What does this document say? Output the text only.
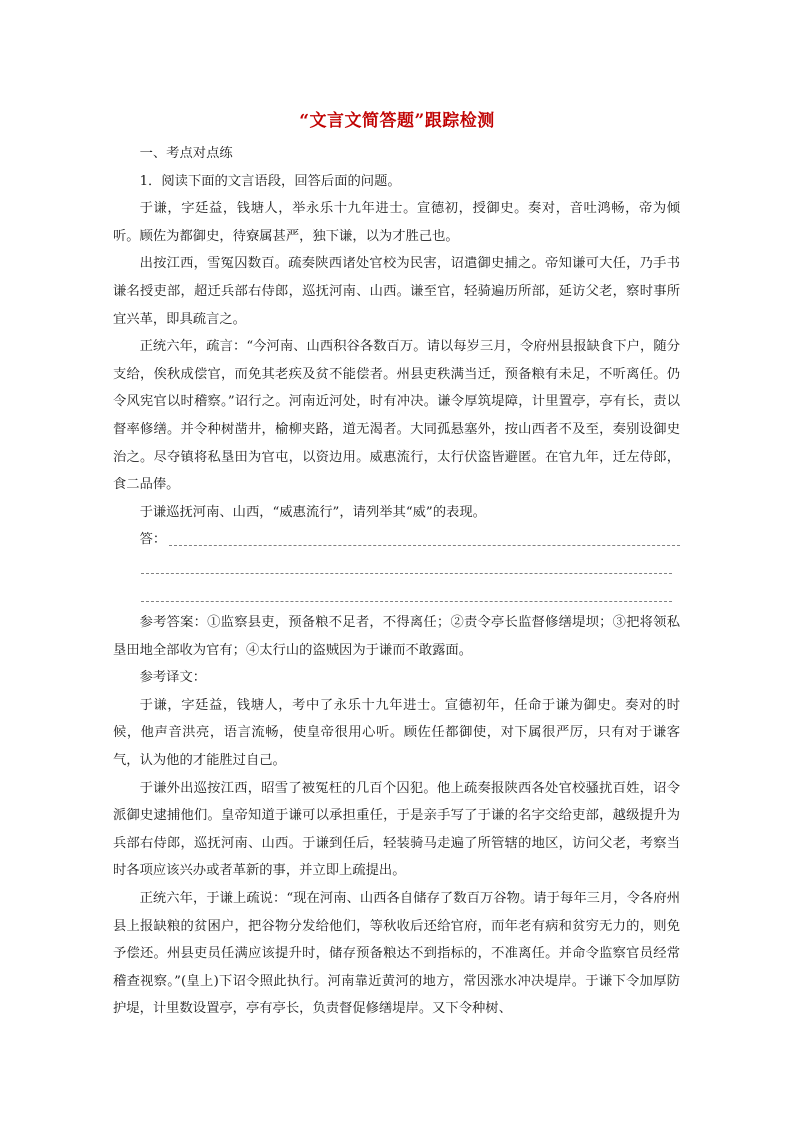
“文言文简答题”跟踪检测

一、考点对点练

1．阅读下面的文言语段，回答后面的问题。

于谦，字廷益，钱塘人，举永乐十九年进士。宣德初，授御史。奏对，音吐鸿畅，帝为倾听。顾佐为都御史，待寮属甚严，独下谦，以为才胜己也。

出按江西，雪冤囚数百。疏奏陕西诸处官校为民害，诏遣御史捕之。帝知谦可大任，乃手书谦名授吏部，超迁兵部右侍郎，巡抚河南、山西。谦至官，轻骑遍历所部，延访父老，察时事所宜兴革，即具疏言之。

正统六年，疏言：“今河南、山西积谷各数百万。请以每岁三月，令府州县报缺食下户，随分支给，俟秋成偿官，而免其老疾及贫不能偿者。州县吏秩满当迁，预备粮有未足，不听离任。仍令风宪官以时稽察。”诏行之。河南近河处，时有冲决。谦令厚筑堤障，计里置亭，亭有长，责以督率修缮。并令种树凿井，榆柳夹路，道无渴者。大同孤悬塞外，按山西者不及至，奏别设御史治之。尽夺镇将私垦田为官屯，以资边用。威惠流行，太行伏盗皆避匿。在官九年，迁左侍郎，食二品俸。

于谦巡抚河南、山西，“威惠流行”，请列举其“威”的表现。

答：

参考答案：①监察县吏，预备粮不足者，不得离任；②责令亭长监督修缮堤坝；③把将领私垦田地全部收为官有；④太行山的盗贼因为于谦而不敢露面。

参考译文：

于谦，字廷益，钱塘人，考中了永乐十九年进士。宣德初年，任命于谦为御史。奏对的时候，他声音洪亮，语言流畅，使皇帝很用心听。顾佐任都御使，对下属很严厉，只有对于谦客气，认为他的才能胜过自己。

于谦外出巡按江西，昭雪了被冤枉的几百个囚犯。他上疏奏报陕西各处官校骚扰百姓，诏令派御史逮捕他们。皇帝知道于谦可以承担重任，于是亲手写了于谦的名字交给吏部，越级提升为兵部右侍郎，巡抚河南、山西。于谦到任后，轻装骑马走遍了所管辖的地区，访问父老，考察当时各项应该兴办或者革新的事，并立即上疏提出。

正统六年，于谦上疏说：“现在河南、山西各自储存了数百万谷物。请于每年三月，令各府州县上报缺粮的贫困户，把谷物分发给他们，等秋收后还给官府，而年老有病和贫穷无力的，则免予偿还。州县吏员任满应该提升时，储存预备粮达不到指标的，不准离任。并命令监察官员经常稽查视察。”(皇上)下诏令照此执行。河南靠近黄河的地方，常因涨水冲决堤岸。于谦下令加厚防护堤，计里数设置亭，亭有亭长，负责督促修缮堤岸。又下令种树、
